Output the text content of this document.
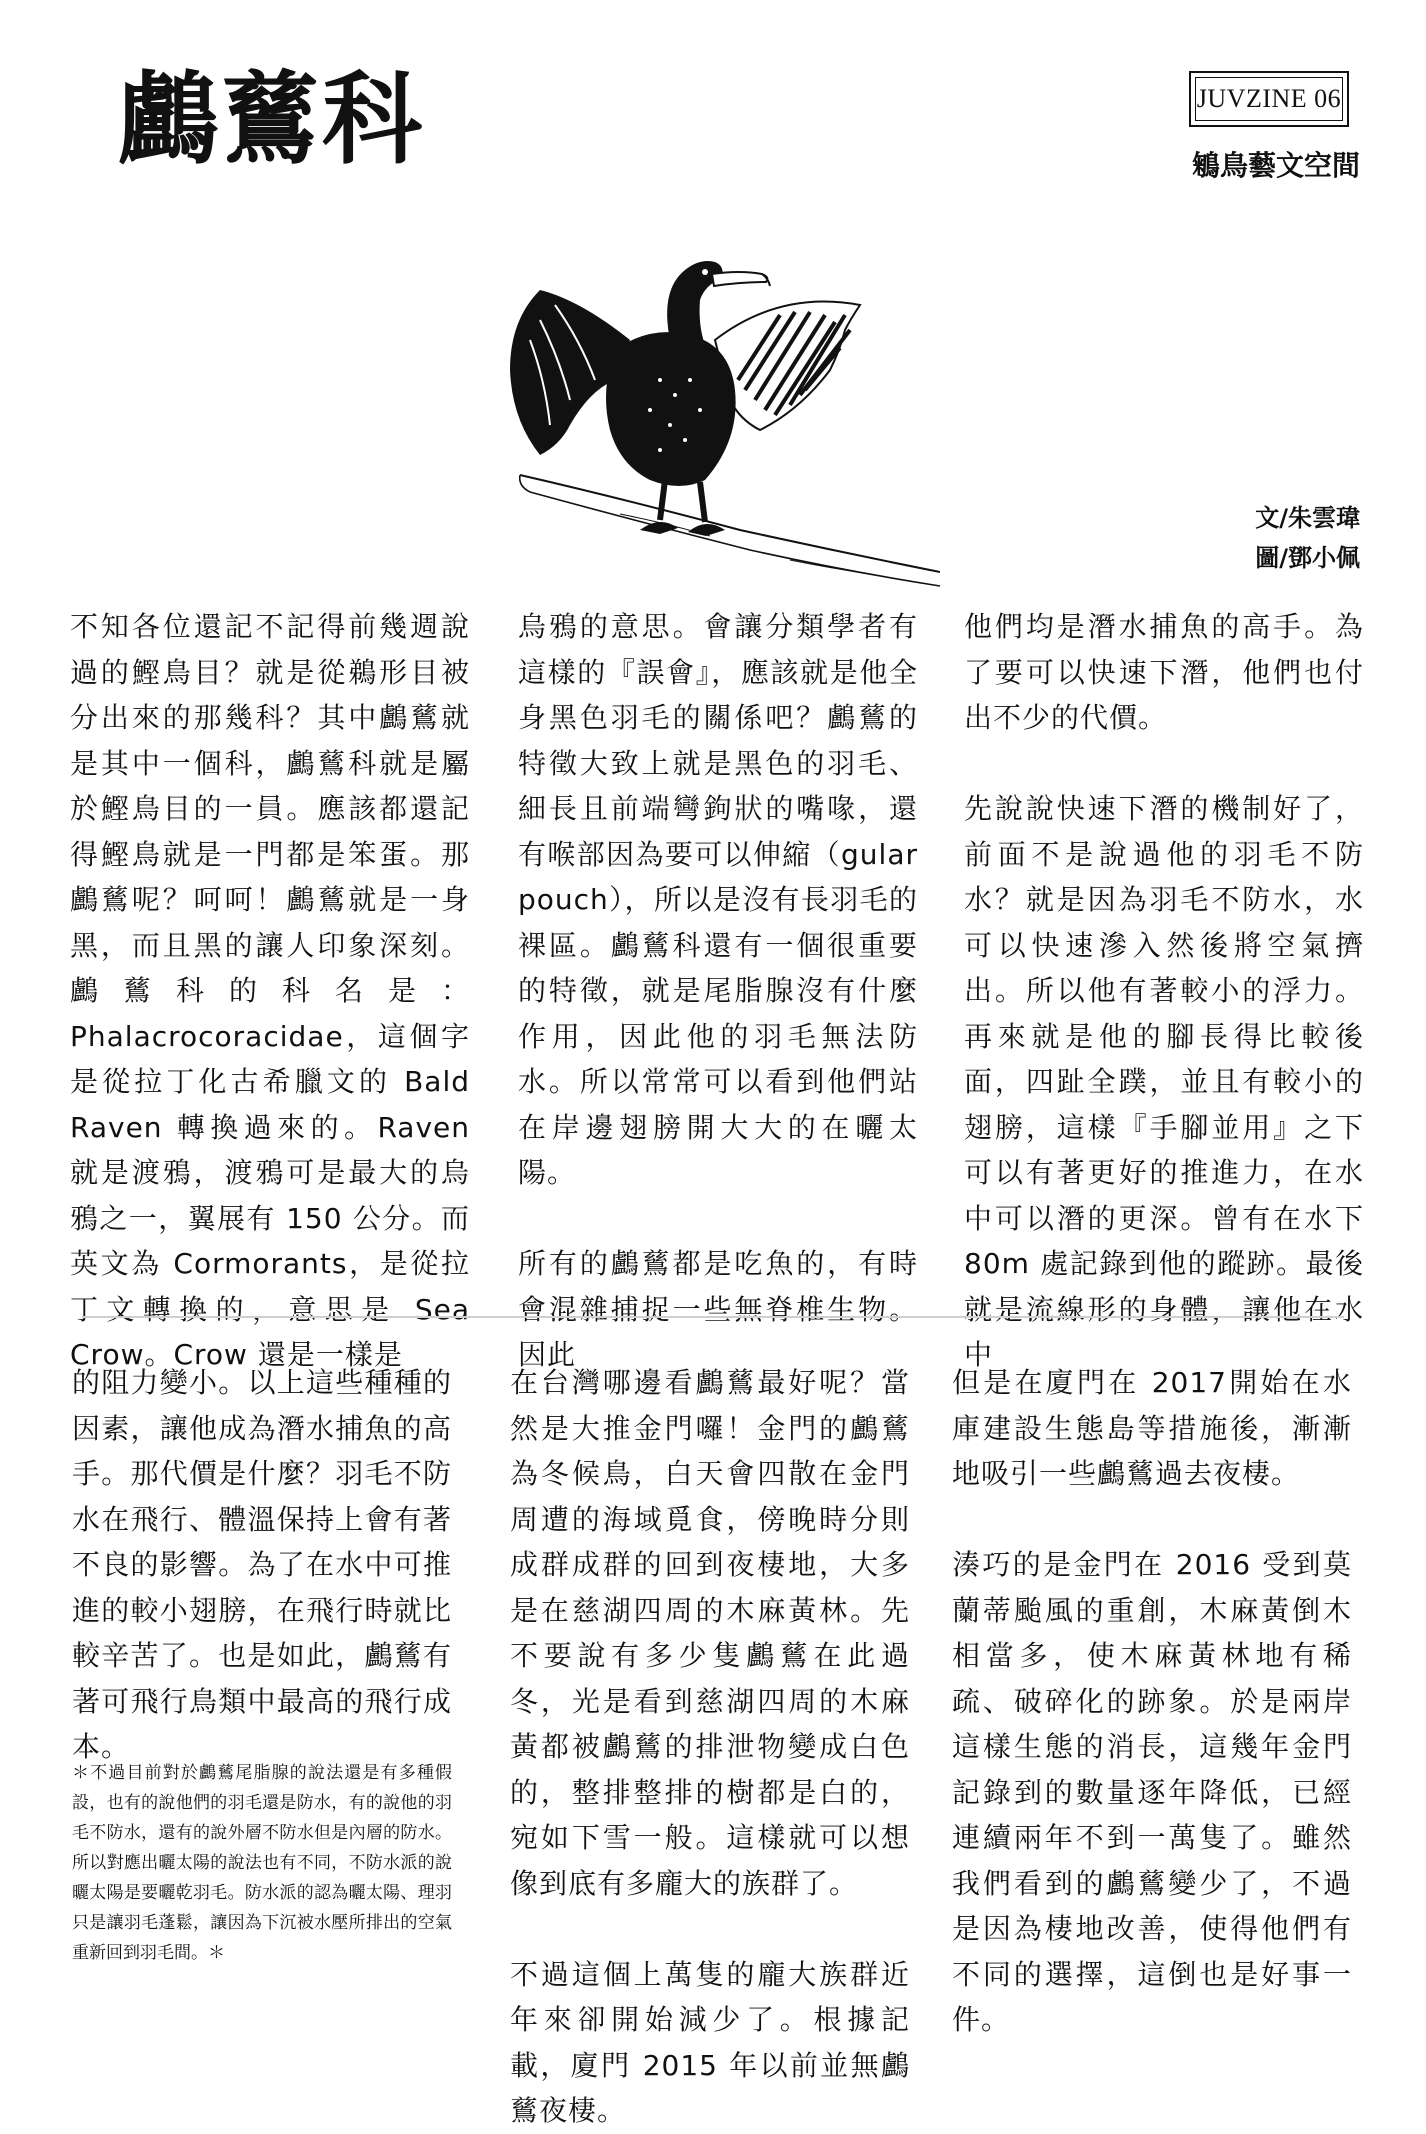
鸕鶿科	JUVZINE 06
鵴鳥藝文空間
文/朱雲瑋
圖/鄧小佩

不知各位還記不記得前幾週說過的鰹鳥目？就是從鵜形目被分出來的那幾科？其中鸕鶿就是其中一個科，鸕鶿科就是屬於鰹鳥目的一員。應該都還記得鰹鳥就是一門都是笨蛋。那鸕鶿呢？呵呵！鸕鶿就是一身黑，而且黑的讓人印象深刻。鸕鶿科的科名是：Phalacrocoracidae，這個字是從拉丁化古希臘文的 Bald Raven 轉換過來的。Raven 就是渡鴉，渡鴉可是最大的烏鴉之一，翼展有 150 公分。而英文為 Cormorants，是從拉丁文轉換的，意思是 Sea Crow。Crow 還是一樣是

烏鴉的意思。會讓分類學者有這樣的『誤會』，應該就是他全身黑色羽毛的關係吧？鸕鶿的特徵大致上就是黑色的羽毛、細長且前端彎鉤狀的嘴喙，還有喉部因為要可以伸縮（gular pouch），所以是沒有長羽毛的裸區。鸕鶿科還有一個很重要的特徵，就是尾脂腺沒有什麼作用，因此他的羽毛無法防水。所以常常可以看到他們站在岸邊翅膀開大大的在曬太陽。

所有的鸕鶿都是吃魚的，有時會混雜捕捉一些無脊椎生物。因此

他們均是潛水捕魚的高手。為了要可以快速下潛，他們也付出不少的代價。

先說說快速下潛的機制好了，前面不是說過他的羽毛不防水？就是因為羽毛不防水，水可以快速滲入然後將空氣擠出。所以他有著較小的浮力。再來就是他的腳長得比較後面，四趾全蹼，並且有較小的翅膀，這樣『手腳並用』之下可以有著更好的推進力，在水中可以潛的更深。曾有在水下 80m 處記錄到他的蹤跡。最後就是流線形的身體，讓他在水中

的阻力變小。以上這些種種的因素，讓他成為潛水捕魚的高手。那代價是什麼？羽毛不防水在飛行、體溫保持上會有著不良的影響。為了在水中可推進的較小翅膀，在飛行時就比較辛苦了。也是如此，鸕鶿有著可飛行鳥類中最高的飛行成本。

＊不過目前對於鸕鶿尾脂腺的說法還是有多種假設，也有的說他們的羽毛還是防水，有的說他的羽毛不防水，還有的說外層不防水但是內層的防水。所以對應出曬太陽的說法也有不同，不防水派的說曬太陽是要曬乾羽毛。防水派的認為曬太陽、理羽只是讓羽毛蓬鬆，讓因為下沉被水壓所排出的空氣重新回到羽毛間。＊

在台灣哪邊看鸕鶿最好呢？當然是大推金門囉！金門的鸕鶿為冬候鳥，白天會四散在金門周遭的海域覓食，傍晚時分則成群成群的回到夜棲地，大多是在慈湖四周的木麻黃林。先不要說有多少隻鸕鶿在此過冬，光是看到慈湖四周的木麻黃都被鸕鶿的排泄物變成白色的，整排整排的樹都是白的，宛如下雪一般。這樣就可以想像到底有多龐大的族群了。

不過這個上萬隻的龐大族群近年來卻開始減少了。根據記載，廈門 2015 年以前並無鸕鶿夜棲。

但是在廈門在 2017開始在水庫建設生態島等措施後，漸漸地吸引一些鸕鶿過去夜棲。

湊巧的是金門在 2016 受到莫蘭蒂颱風的重創，木麻黃倒木相當多，使木麻黃林地有稀疏、破碎化的跡象。於是兩岸這樣生態的消長，這幾年金門記錄到的數量逐年降低，已經連續兩年不到一萬隻了。雖然我們看到的鸕鶿變少了，不過是因為棲地改善，使得他們有不同的選擇，這倒也是好事一件。
